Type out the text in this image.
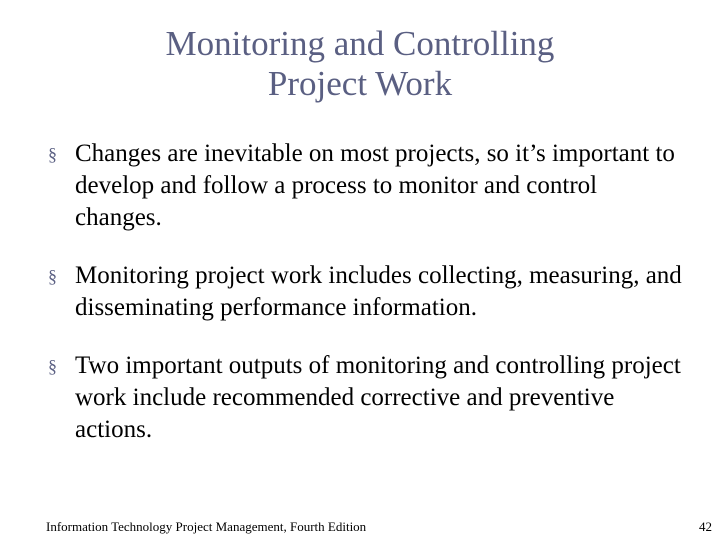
Monitoring and Controlling
Project Work
§ Changes are inevitable on most projects, so it’s important to develop and follow a process to monitor and control changes.
§ Monitoring project work includes collecting, measuring, and disseminating performance information.
§ Two important outputs of monitoring and controlling project work include recommended corrective and preventive actions.
Information Technology Project Management, Fourth Edition	42
